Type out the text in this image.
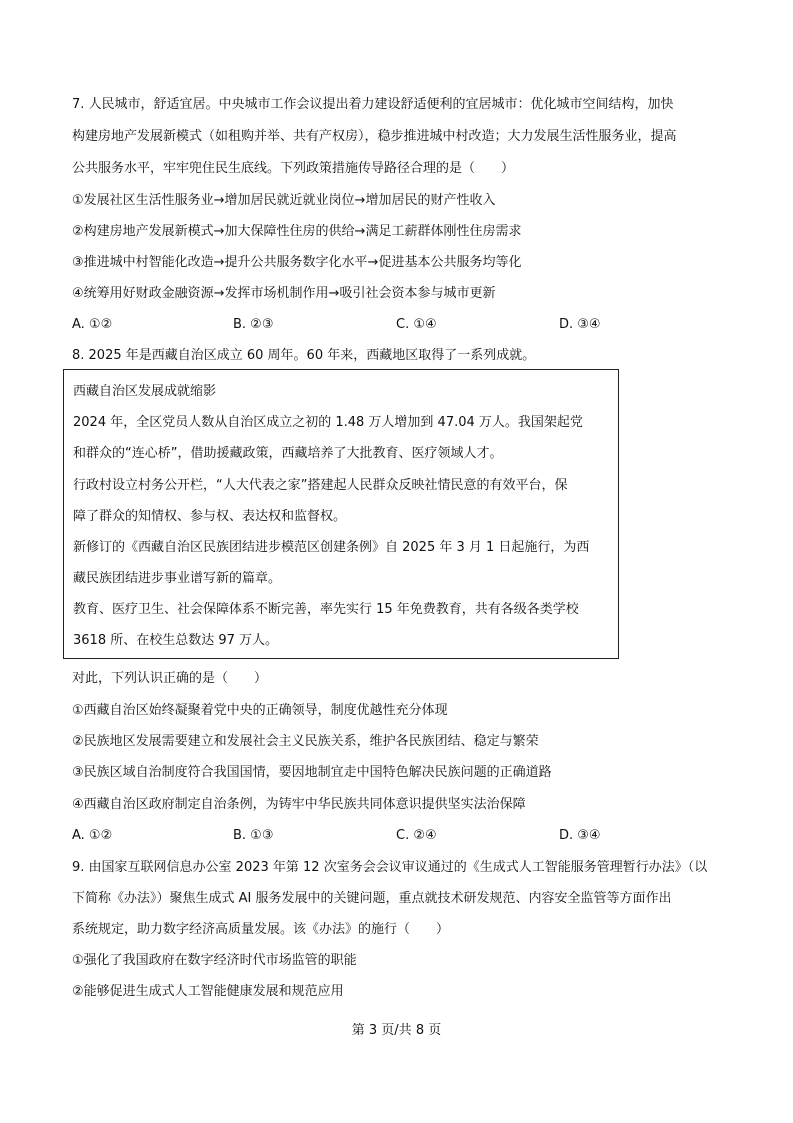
7. 人民城市，舒适宜居。中央城市工作会议提出着力建设舒适便利的宜居城市：优化城市空间结构，加快
构建房地产发展新模式（如租购并举、共有产权房），稳步推进城中村改造；大力发展生活性服务业，提高
公共服务水平，牢牢兜住民生底线。下列政策措施传导路径合理的是（　　）
①发展社区生活性服务业→增加居民就近就业岗位→增加居民的财产性收入
②构建房地产发展新模式→加大保障性住房的供给→满足工薪群体刚性住房需求
③推进城中村智能化改造→提升公共服务数字化水平→促进基本公共服务均等化
④统筹用好财政金融资源→发挥市场机制作用→吸引社会资本参与城市更新
A. ①②	B. ②③	C. ①④	D. ③④
8. 2025 年是西藏自治区成立 60 周年。60 年来，西藏地区取得了一系列成就。
西藏自治区发展成就缩影
2024 年，全区党员人数从自治区成立之初的 1.48 万人增加到 47.04 万人。我国架起党
和群众的“连心桥”，借助援藏政策，西藏培养了大批教育、医疗领域人才。
行政村设立村务公开栏，“人大代表之家”搭建起人民群众反映社情民意的有效平台，保
障了群众的知情权、参与权、表达权和监督权。
新修订的《西藏自治区民族团结进步模范区创建条例》自 2025 年 3 月 1 日起施行，为西
藏民族团结进步事业谱写新的篇章。
教育、医疗卫生、社会保障体系不断完善，率先实行 15 年免费教育，共有各级各类学校
3618 所、在校生总数达 97 万人。
对此，下列认识正确的是（　　）
①西藏自治区始终凝聚着党中央的正确领导，制度优越性充分体现
②民族地区发展需要建立和发展社会主义民族关系，维护各民族团结、稳定与繁荣
③民族区域自治制度符合我国国情，要因地制宜走中国特色解决民族问题的正确道路
④西藏自治区政府制定自治条例，为铸牢中华民族共同体意识提供坚实法治保障
A. ①②	B. ①③	C. ②④	D. ③④
9. 由国家互联网信息办公室 2023 年第 12 次室务会会议审议通过的《生成式人工智能服务管理暂行办法》（以
下简称《办法》）聚焦生成式 AI 服务发展中的关键问题，重点就技术研发规范、内容安全监管等方面作出
系统规定，助力数字经济高质量发展。该《办法》的施行（　　）
①强化了我国政府在数字经济时代市场监管的职能
②能够促进生成式人工智能健康发展和规范应用
第 3 页/共 8 页
